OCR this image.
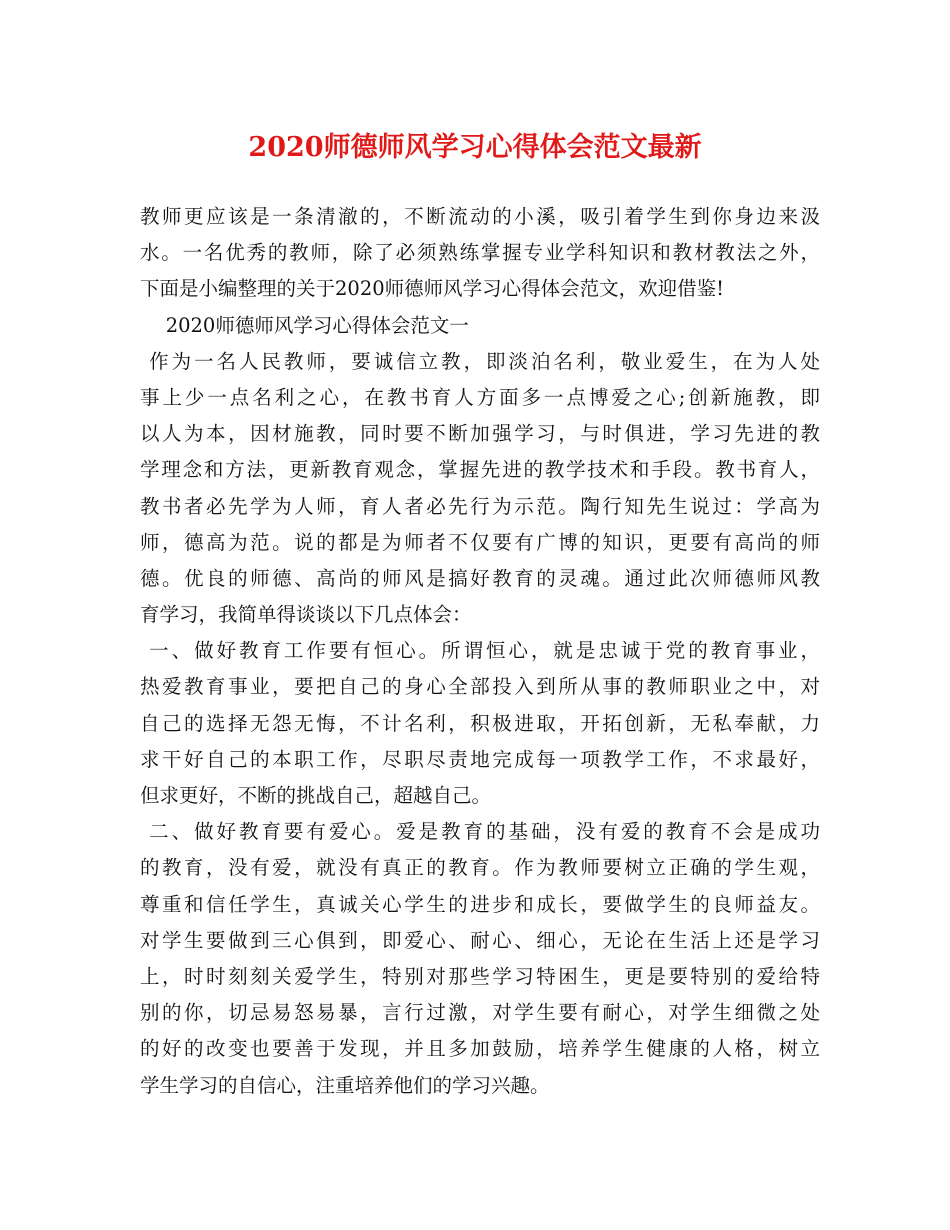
2020师德师风学习心得体会范文最新
教师更应该是一条清澈的，不断流动的小溪，吸引着学生到你身边来汲
水。一名优秀的教师，除了必须熟练掌握专业学科知识和教材教法之外，
下面是小编整理的关于2020师德师风学习心得体会范文，欢迎借鉴!
　 2020师德师风学习心得体会范文一
作为一名人民教师，要诚信立教，即淡泊名利，敬业爱生，在为人处
事上少一点名利之心，在教书育人方面多一点博爱之心;创新施教，即
以人为本，因材施教，同时要不断加强学习，与时俱进，学习先进的教
学理念和方法，更新教育观念，掌握先进的教学技术和手段。教书育人，
教书者必先学为人师，育人者必先行为示范。陶行知先生说过：学高为
师，德高为范。说的都是为师者不仅要有广博的知识，更要有高尚的师
德。优良的师德、高尚的师风是搞好教育的灵魂。通过此次师德师风教
育学习，我简单得谈谈以下几点体会：
一、做好教育工作要有恒心。所谓恒心，就是忠诚于党的教育事业，
热爱教育事业，要把自己的身心全部投入到所从事的教师职业之中，对
自己的选择无怨无悔，不计名利，积极进取，开拓创新，无私奉献，力
求干好自己的本职工作，尽职尽责地完成每一项教学工作，不求最好，
但求更好，不断的挑战自己，超越自己。
二、做好教育要有爱心。爱是教育的基础，没有爱的教育不会是成功
的教育，没有爱，就没有真正的教育。作为教师要树立正确的学生观，
尊重和信任学生，真诚关心学生的进步和成长，要做学生的良师益友。
对学生要做到三心俱到，即爱心、耐心、细心，无论在生活上还是学习
上，时时刻刻关爱学生，特别对那些学习特困生，更是要特别的爱给特
别的你，切忌易怒易暴，言行过激，对学生要有耐心，对学生细微之处
的好的改变也要善于发现，并且多加鼓励，培养学生健康的人格，树立
学生学习的自信心，注重培养他们的学习兴趣。
